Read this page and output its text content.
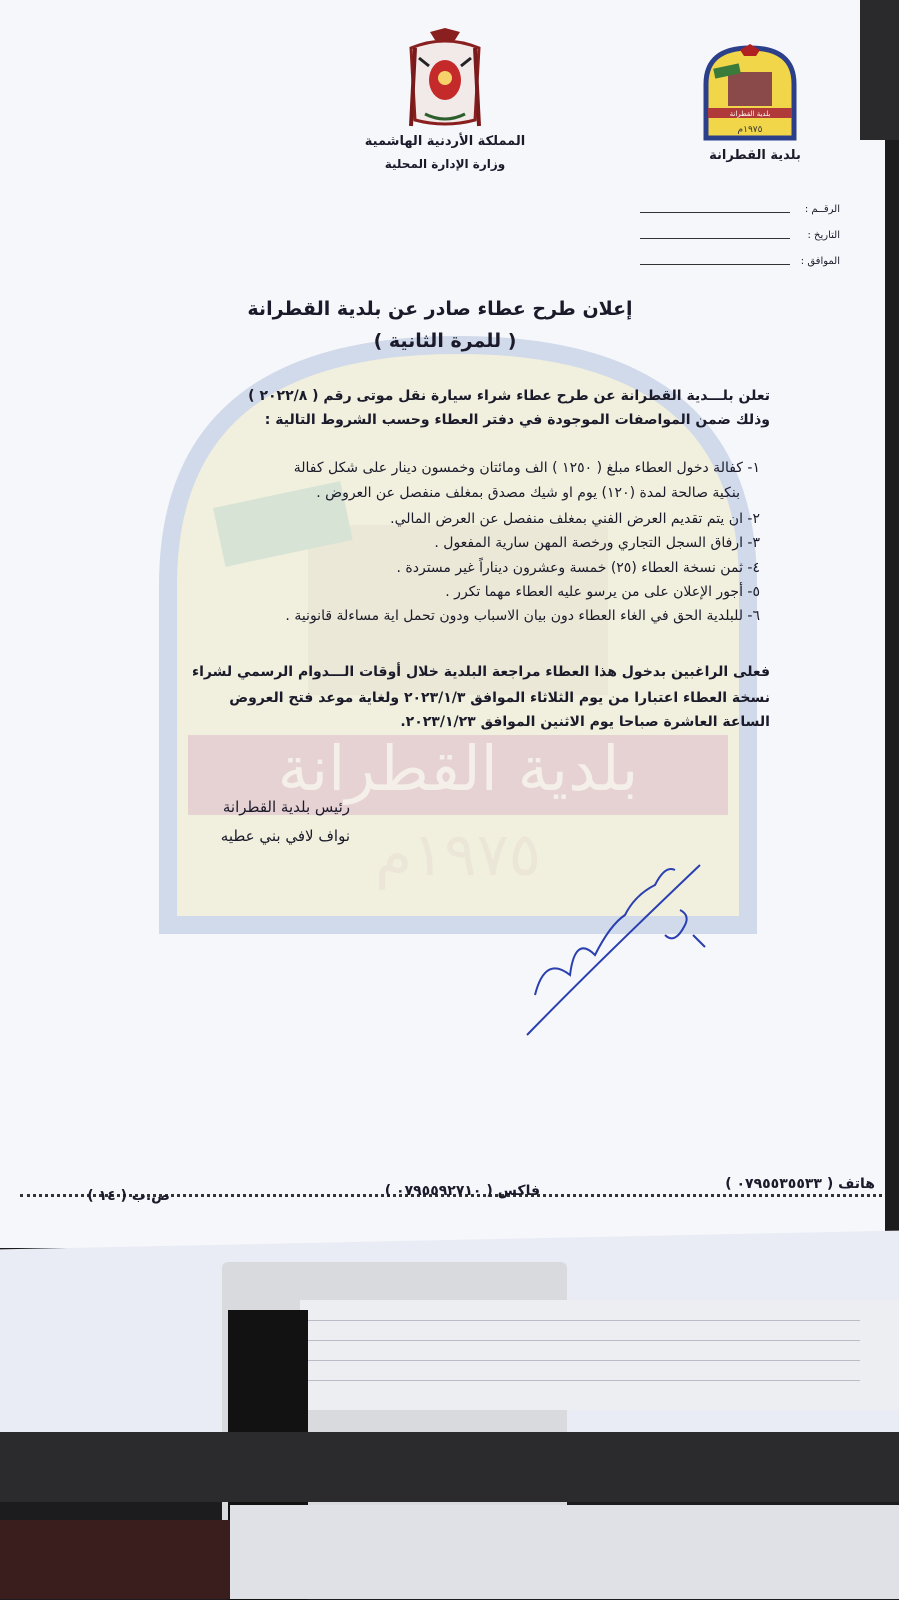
بلدية القطرانة
١٩٧٥م
بلدية القطرانة
١٩٧٥م
المملكة الأردنية الهاشمية
وزارة الإدارة المحلية
بلدية القطرانة
الرقــم :
التاريخ :
الموافق :
إعلان طرح عطاء صادر عن بلدية القطرانة
( للمرة الثانية )
تعلن بلـــدية القطرانة عن طرح عطاء شراء سيارة نقل موتى رقم ( ٢٠٢٢/٨ )
وذلك ضمن المواصفات الموجودة في دفتر العطاء وحسب الشروط التالية :
١- كفالة دخول العطاء مبلغ ( ١٢٥٠ ) الف ومائتان وخمسون دينار على شكل كفالة
بنكية صالحة لمدة (١٢٠) يوم او شيك مصدق بمغلف منفصل عن العروض .
٢- ان يتم تقديم العرض الفني بمغلف منفصل عن العرض المالي.
٣- ارفاق السجل التجاري ورخصة المهن سارية المفعول .
٤- ثمن نسخة العطاء (٢٥) خمسة وعشرون ديناراً غير مستردة .
٥- أجور الإعلان على من يرسو عليه العطاء مهما تكرر .
٦- للبلدية الحق في الغاء العطاء دون بيان الاسباب ودون تحمل اية مساءلة قانونية .
فعلى الراغبين بدخول هذا العطاء مراجعة البلدية خلال أوقات الـــدوام الرسمي لشراء
نسخة العطاء اعتبارا من يوم الثلاثاء الموافق ٢٠٢٣/١/٣ ولغاية موعد فتح العروض
الساعة العاشرة صباحا يوم الاثنين الموافق ٢٠٢٣/١/٢٣.
رئيس بلدية القطرانة
نواف لافي بني عطيه
هاتف ( ٠٧٩٥٥٣٥٥٣٣ )
فاكس ( ٠٧٩٥٥٩٢٧١٠ )
ص.ب ( ١٤ )
